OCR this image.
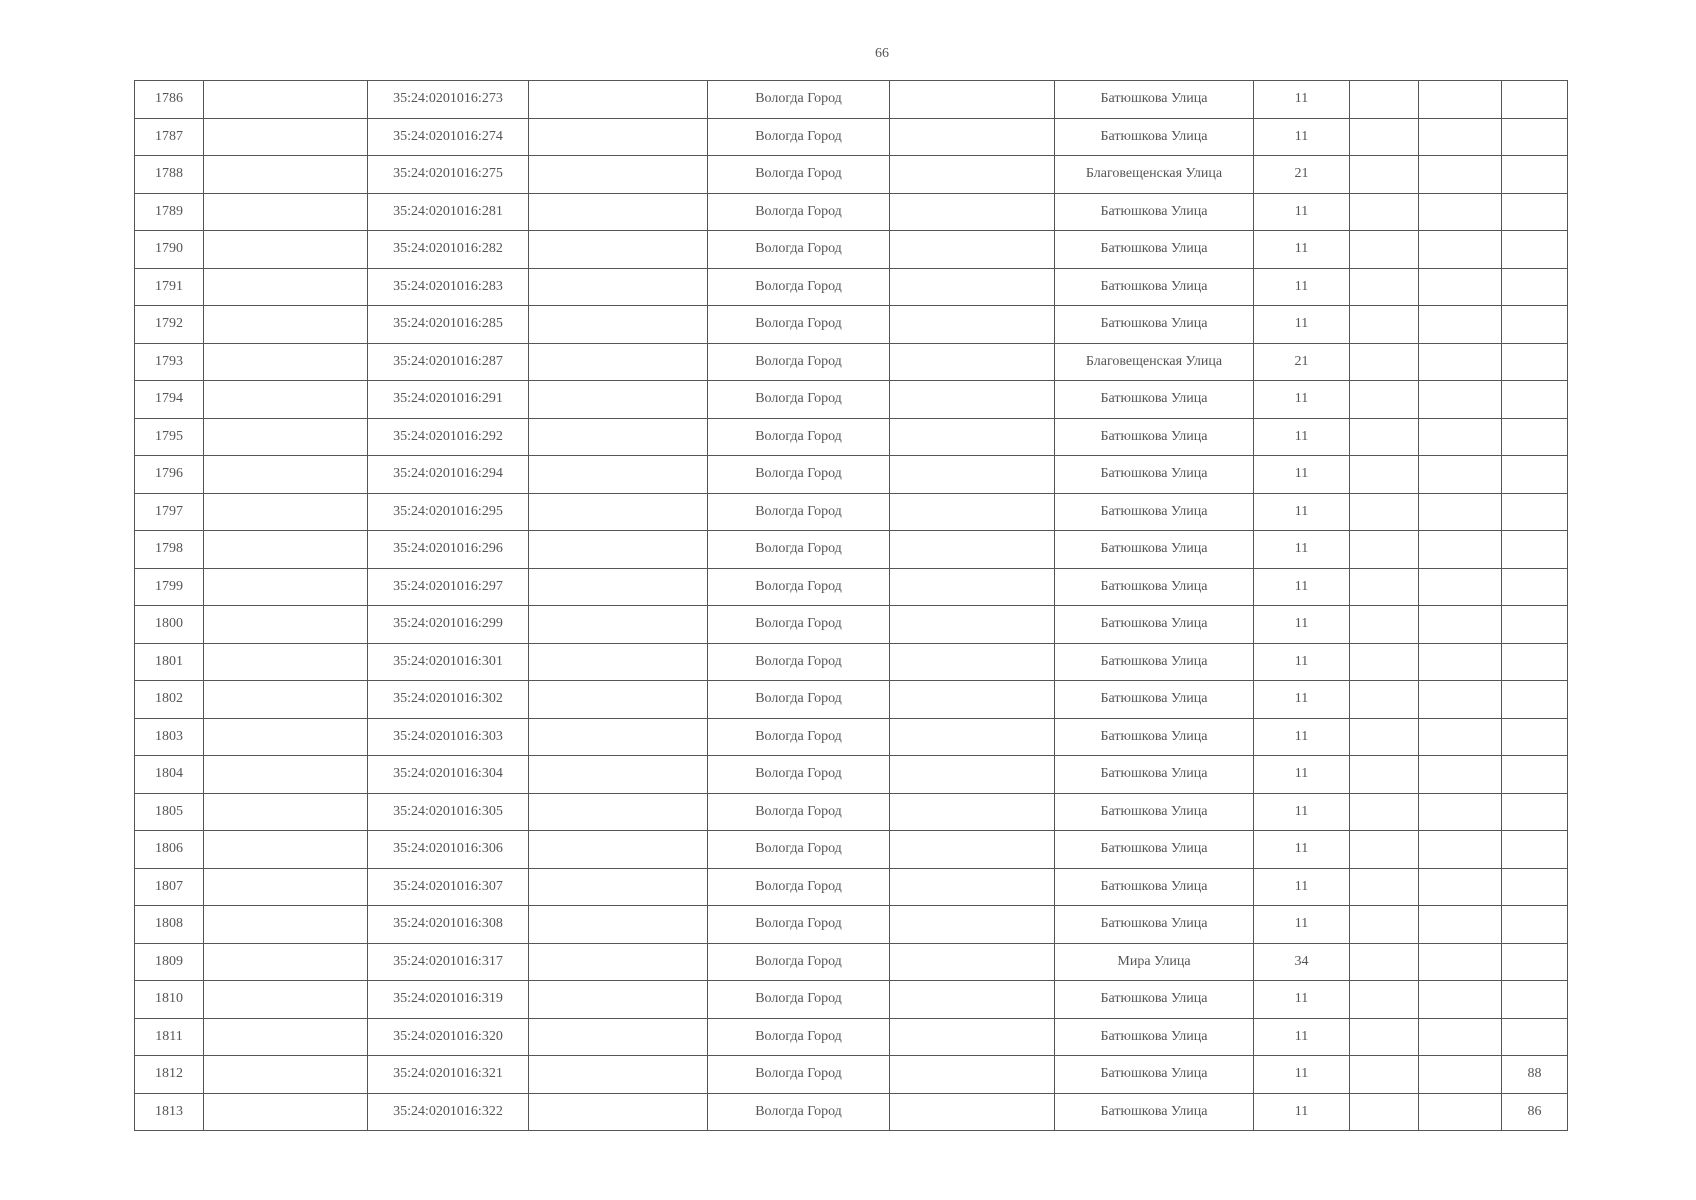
66
1786		35:24:0201016:273		Вологда Город		Батюшкова Улица	11			
1787		35:24:0201016:274		Вологда Город		Батюшкова Улица	11			
1788		35:24:0201016:275		Вологда Город		Благовещенская Улица	21			
1789		35:24:0201016:281		Вологда Город		Батюшкова Улица	11			
1790		35:24:0201016:282		Вологда Город		Батюшкова Улица	11			
1791		35:24:0201016:283		Вологда Город		Батюшкова Улица	11			
1792		35:24:0201016:285		Вологда Город		Батюшкова Улица	11			
1793		35:24:0201016:287		Вологда Город		Благовещенская Улица	21			
1794		35:24:0201016:291		Вологда Город		Батюшкова Улица	11			
1795		35:24:0201016:292		Вологда Город		Батюшкова Улица	11			
1796		35:24:0201016:294		Вологда Город		Батюшкова Улица	11			
1797		35:24:0201016:295		Вологда Город		Батюшкова Улица	11			
1798		35:24:0201016:296		Вологда Город		Батюшкова Улица	11			
1799		35:24:0201016:297		Вологда Город		Батюшкова Улица	11			
1800		35:24:0201016:299		Вологда Город		Батюшкова Улица	11			
1801		35:24:0201016:301		Вологда Город		Батюшкова Улица	11			
1802		35:24:0201016:302		Вологда Город		Батюшкова Улица	11			
1803		35:24:0201016:303		Вологда Город		Батюшкова Улица	11			
1804		35:24:0201016:304		Вологда Город		Батюшкова Улица	11			
1805		35:24:0201016:305		Вологда Город		Батюшкова Улица	11			
1806		35:24:0201016:306		Вологда Город		Батюшкова Улица	11			
1807		35:24:0201016:307		Вологда Город		Батюшкова Улица	11			
1808		35:24:0201016:308		Вологда Город		Батюшкова Улица	11			
1809		35:24:0201016:317		Вологда Город		Мира Улица	34			
1810		35:24:0201016:319		Вологда Город		Батюшкова Улица	11			
1811		35:24:0201016:320		Вологда Город		Батюшкова Улица	11			
1812		35:24:0201016:321		Вологда Город		Батюшкова Улица	11			88
1813		35:24:0201016:322		Вологда Город		Батюшкова Улица	11			86
